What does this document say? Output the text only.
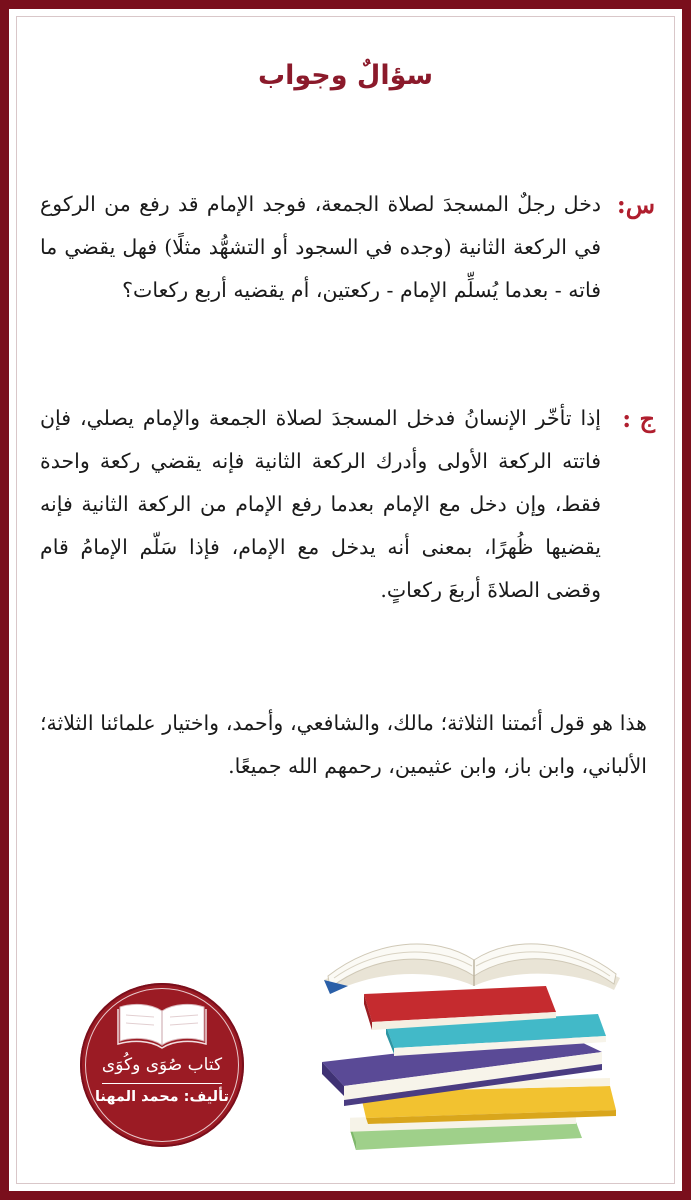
سؤالٌ وجواب
س:
دخل رجلٌ المسجدَ لصلاة الجمعة، فوجد الإمام قد رفع من الركوع في الركعة الثانية (وجده في السجود أو التشهُّد مثلًا) فهل يقضي ما فاته - بعدما يُسلِّم الإمام - ركعتين، أم يقضيه أربع ركعات؟
ج :
إذا تأخّر الإنسانُ فدخل المسجدَ لصلاة الجمعة والإمام يصلي، فإن فاتته الركعة الأولى وأدرك الركعة الثانية فإنه يقضي ركعة واحدة فقط، وإن دخل مع الإمام بعدما رفع الإمام من الركعة الثانية فإنه يقضيها ظُهرًا، بمعنى أنه يدخل مع الإمام، فإذا سَلّم الإمامُ قام وقضى الصلاةَ أربعَ ركعاتٍ.
هذا هو قول أئمتنا الثلاثة؛ مالك، والشافعي، وأحمد، واختيار علمائنا الثلاثة؛ الألباني، وابن باز، وابن عثيمين، رحمهم الله جميعًا.
كتاب صُوَى وكُوَى
تأليف: محمد المهنا
